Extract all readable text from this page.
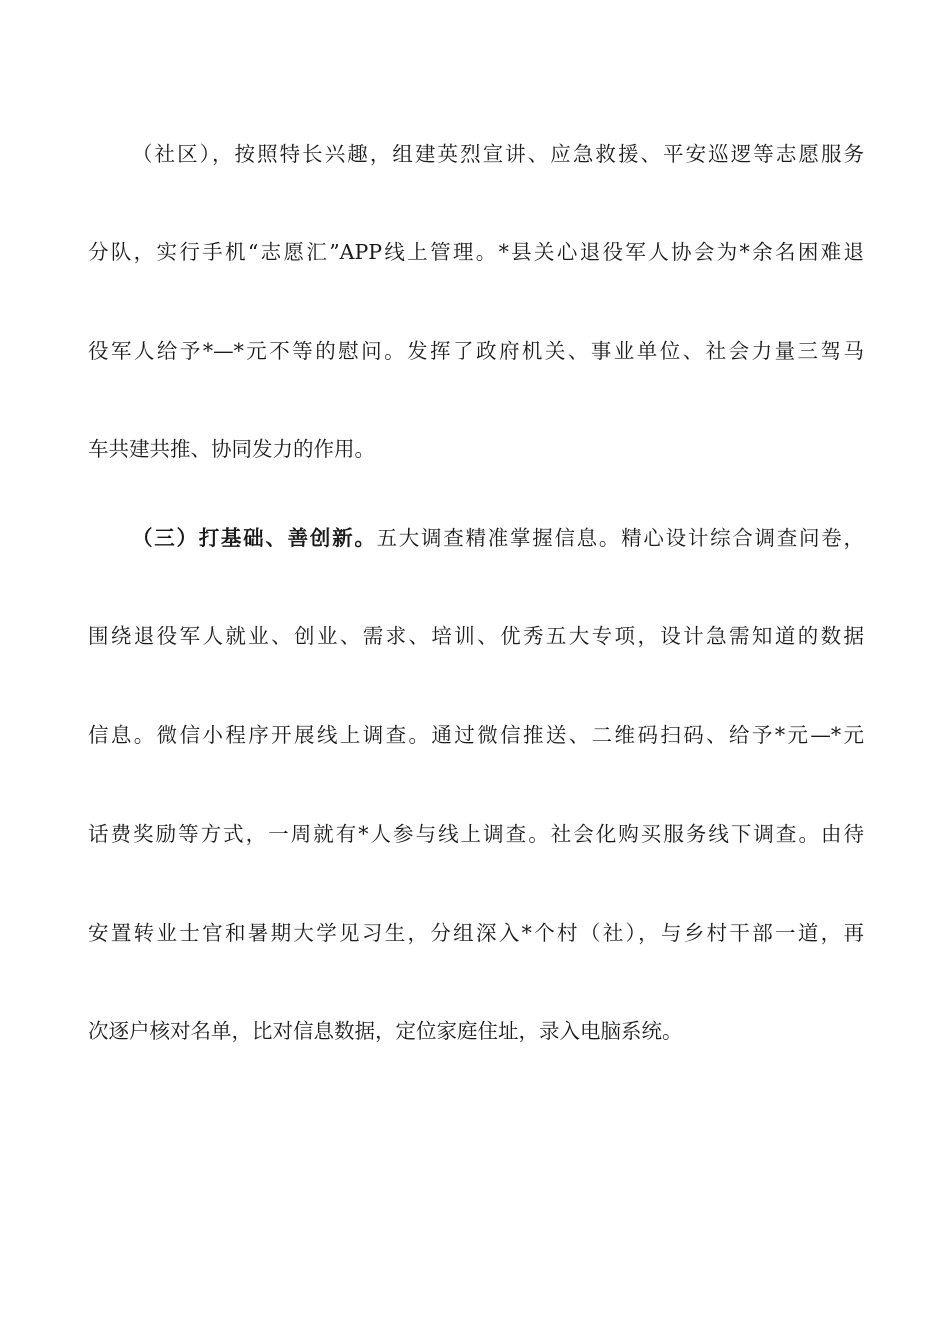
（社区），按照特长兴趣，组建英烈宣讲、应急救援、平安巡逻等志愿服务
分队，实行手机“志愿汇”APP线上管理。*县关心退役军人协会为*余名困难退
役军人给予*—*元不等的慰问。发挥了政府机关、事业单位、社会力量三驾马
车共建共推、协同发力的作用。
（三）打基础、善创新。五大调查精准掌握信息。精心设计综合调查问卷，
围绕退役军人就业、创业、需求、培训、优秀五大专项，设计急需知道的数据
信息。微信小程序开展线上调查。通过微信推送、二维码扫码、给予*元—*元
话费奖励等方式，一周就有*人参与线上调查。社会化购买服务线下调查。由待
安置转业士官和暑期大学见习生，分组深入*个村（社），与乡村干部一道，再
次逐户核对名单，比对信息数据，定位家庭住址，录入电脑系统。
